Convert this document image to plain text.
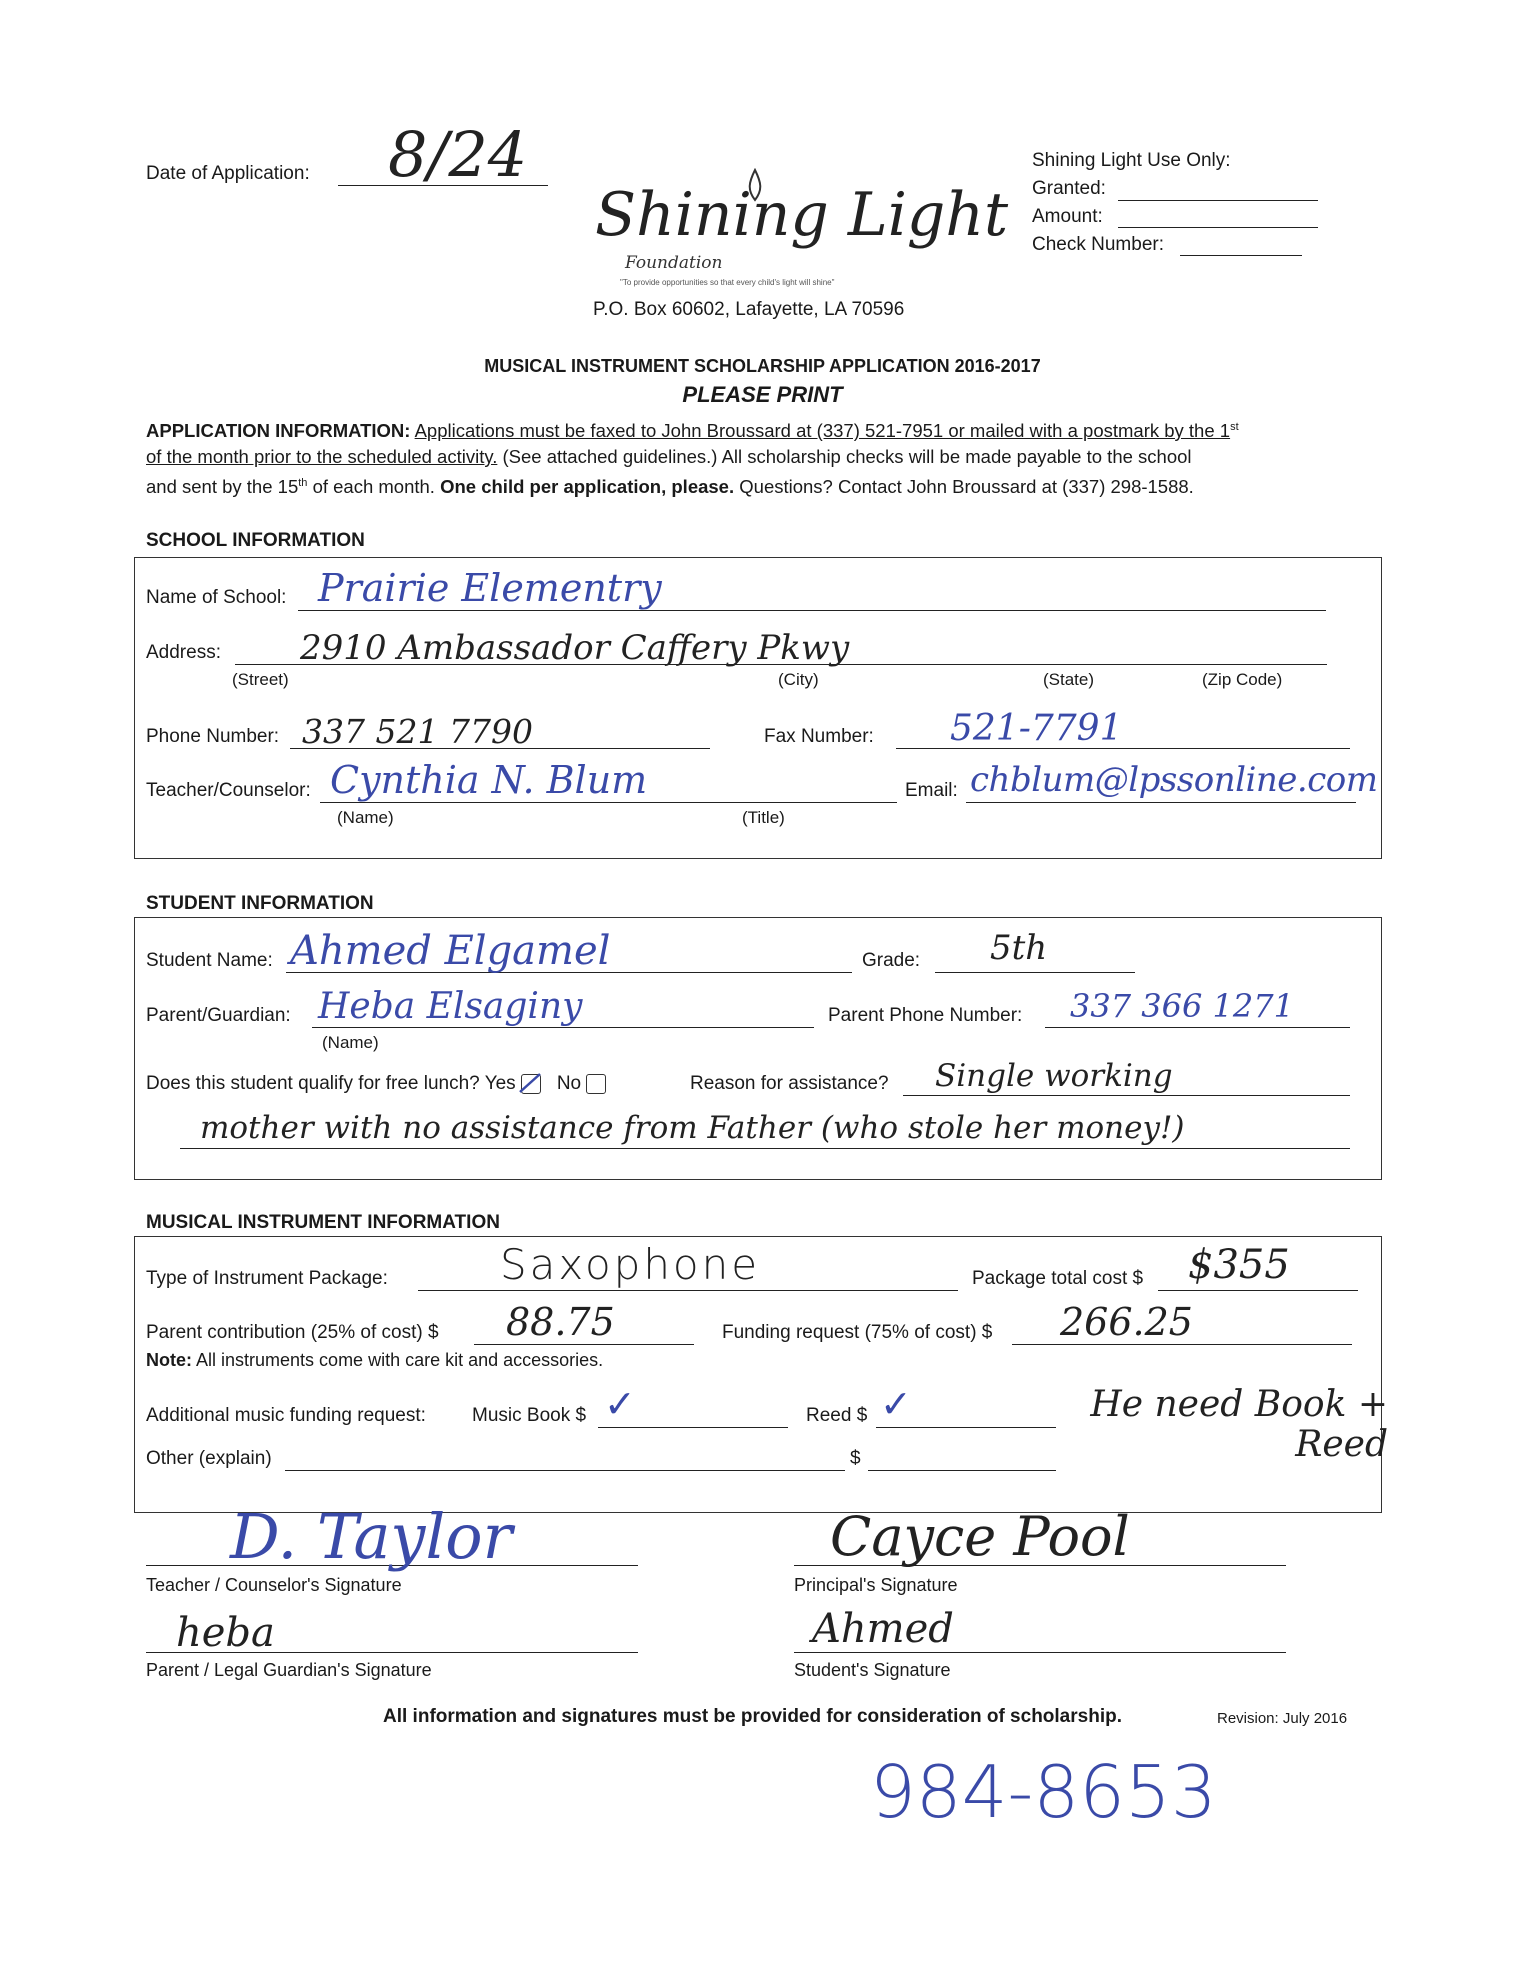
Date of Application: 8/24
Shining Light
Foundation
"To provide opportunities so that every child's light will shine"
P.O. Box 60602, Lafayette, LA 70596
Shining Light Use Only:
Granted:
Amount:
Check Number:
MUSICAL INSTRUMENT SCHOLARSHIP APPLICATION 2016-2017
PLEASE PRINT
APPLICATION INFORMATION: Applications must be faxed to John Broussard at (337) 521-7951 or mailed with a postmark by the 1st
of the month prior to the scheduled activity. (See attached guidelines.) All scholarship checks will be made payable to the school
and sent by the 15th of each month. One child per application, please. Questions? Contact John Broussard at (337) 298-1588.
SCHOOL INFORMATION
Name of School: Prairie Elementry
Address: 2910 Ambassador Caffery Pkwy
(Street)	(City)	(State)	(Zip Code)
Phone Number: 337 521 7790	Fax Number: 521-7791
Teacher/Counselor: Cynthia N. Blum
(Name)	(Title)
Email: chblum@lpssonline.com
STUDENT INFORMATION
Student Name: Ahmed Elgamel	Grade: 5th
Parent/Guardian: Heba Elsaginy
(Name)
Parent Phone Number: 337 366 1271
Does this student qualify for free lunch? Yes No	Reason for assistance? Single working
mother with no assistance from Father (who stole her money!)
MUSICAL INSTRUMENT INFORMATION
Type of Instrument Package:	Saxophone	Package total cost $ $355
Parent contribution (25% of cost) $ 88.75	Funding request (75% of cost) $ 266.25
Note: All instruments come with care kit and accessories.
Additional music funding request: Music Book $ ✓	Reed $ ✓	He need Book + Reed
Other (explain)	$
D. Taylor
Teacher / Counselor's Signature
Cayce Pool
Principal's Signature
heba
Parent / Legal Guardian's Signature
Ahmed
Student's Signature
All information and signatures must be provided for consideration of scholarship.	Revision: July 2016
984-8653
